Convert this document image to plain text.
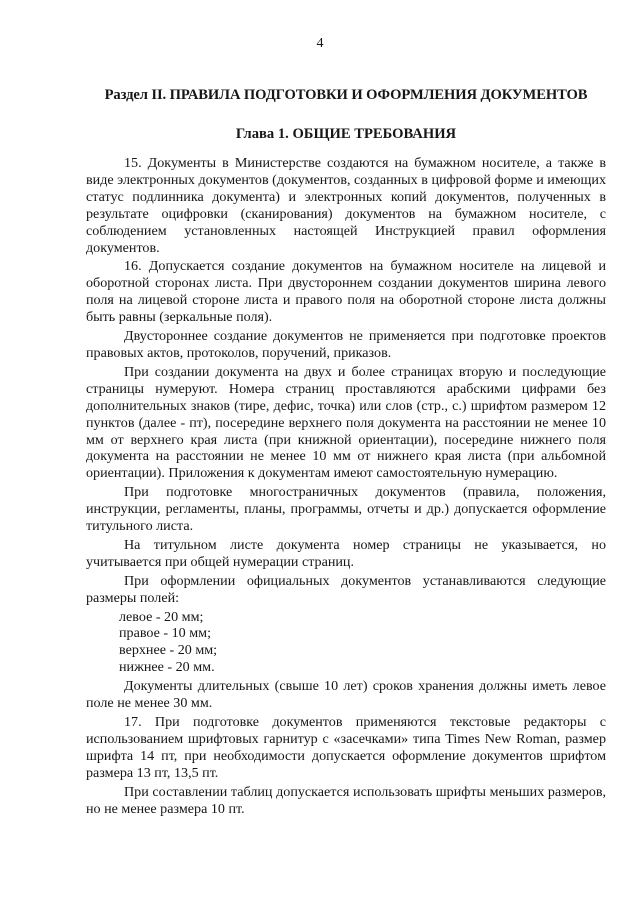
4
Раздел II. ПРАВИЛА ПОДГОТОВКИ И ОФОРМЛЕНИЯ ДОКУМЕНТОВ
Глава 1. ОБЩИЕ ТРЕБОВАНИЯ

15. Документы в Министерстве создаются на бумажном носителе, а также в виде электронных документов (документов, созданных в цифровой форме и имеющих статус подлинника документа) и электронных копий документов, полученных в результате оцифровки (сканирования) документов на бумажном носителе, с соблюдением установленных настоящей Инструкцией правил оформления документов.

16. Допускается создание документов на бумажном носителе на лицевой и оборотной сторонах листа. При двустороннем создании документов ширина левого поля на лицевой стороне листа и правого поля на оборотной стороне листа должны быть равны (зеркальные поля).

Двустороннее создание документов не применяется при подготовке проектов правовых актов, протоколов, поручений, приказов.

При создании документа на двух и более страницах вторую и последующие страницы нумеруют. Номера страниц проставляются арабскими цифрами без дополнительных знаков (тире, дефис, точка) или слов (стр., с.) шрифтом размером 12 пунктов (далее - пт), посередине верхнего поля документа на расстоянии не менее 10 мм от верхнего края листа (при книжной ориентации), посередине нижнего поля документа на расстоянии не менее 10 мм от нижнего края листа (при альбомной ориентации). Приложения к документам имеют самостоятельную нумерацию.

При подготовке многостраничных документов (правила, положения, инструкции, регламенты, планы, программы, отчеты и др.) допускается оформление титульного листа.

На титульном листе документа номер страницы не указывается, но учитывается при общей нумерации страниц.

При оформлении официальных документов устанавливаются следующие размеры полей:

левое - 20 мм;

правое - 10 мм;

верхнее - 20 мм;

нижнее - 20 мм.

Документы длительных (свыше 10 лет) сроков хранения должны иметь левое поле не менее 30 мм.

17. При подготовке документов применяются текстовые редакторы с использованием шрифтовых гарнитур с «засечками» типа Times New Roman, размер шрифта 14 пт, при необходимости допускается оформление документов шрифтом размера 13 пт, 13,5 пт.

При составлении таблиц допускается использовать шрифты меньших размеров, но не менее размера 10 пт.
